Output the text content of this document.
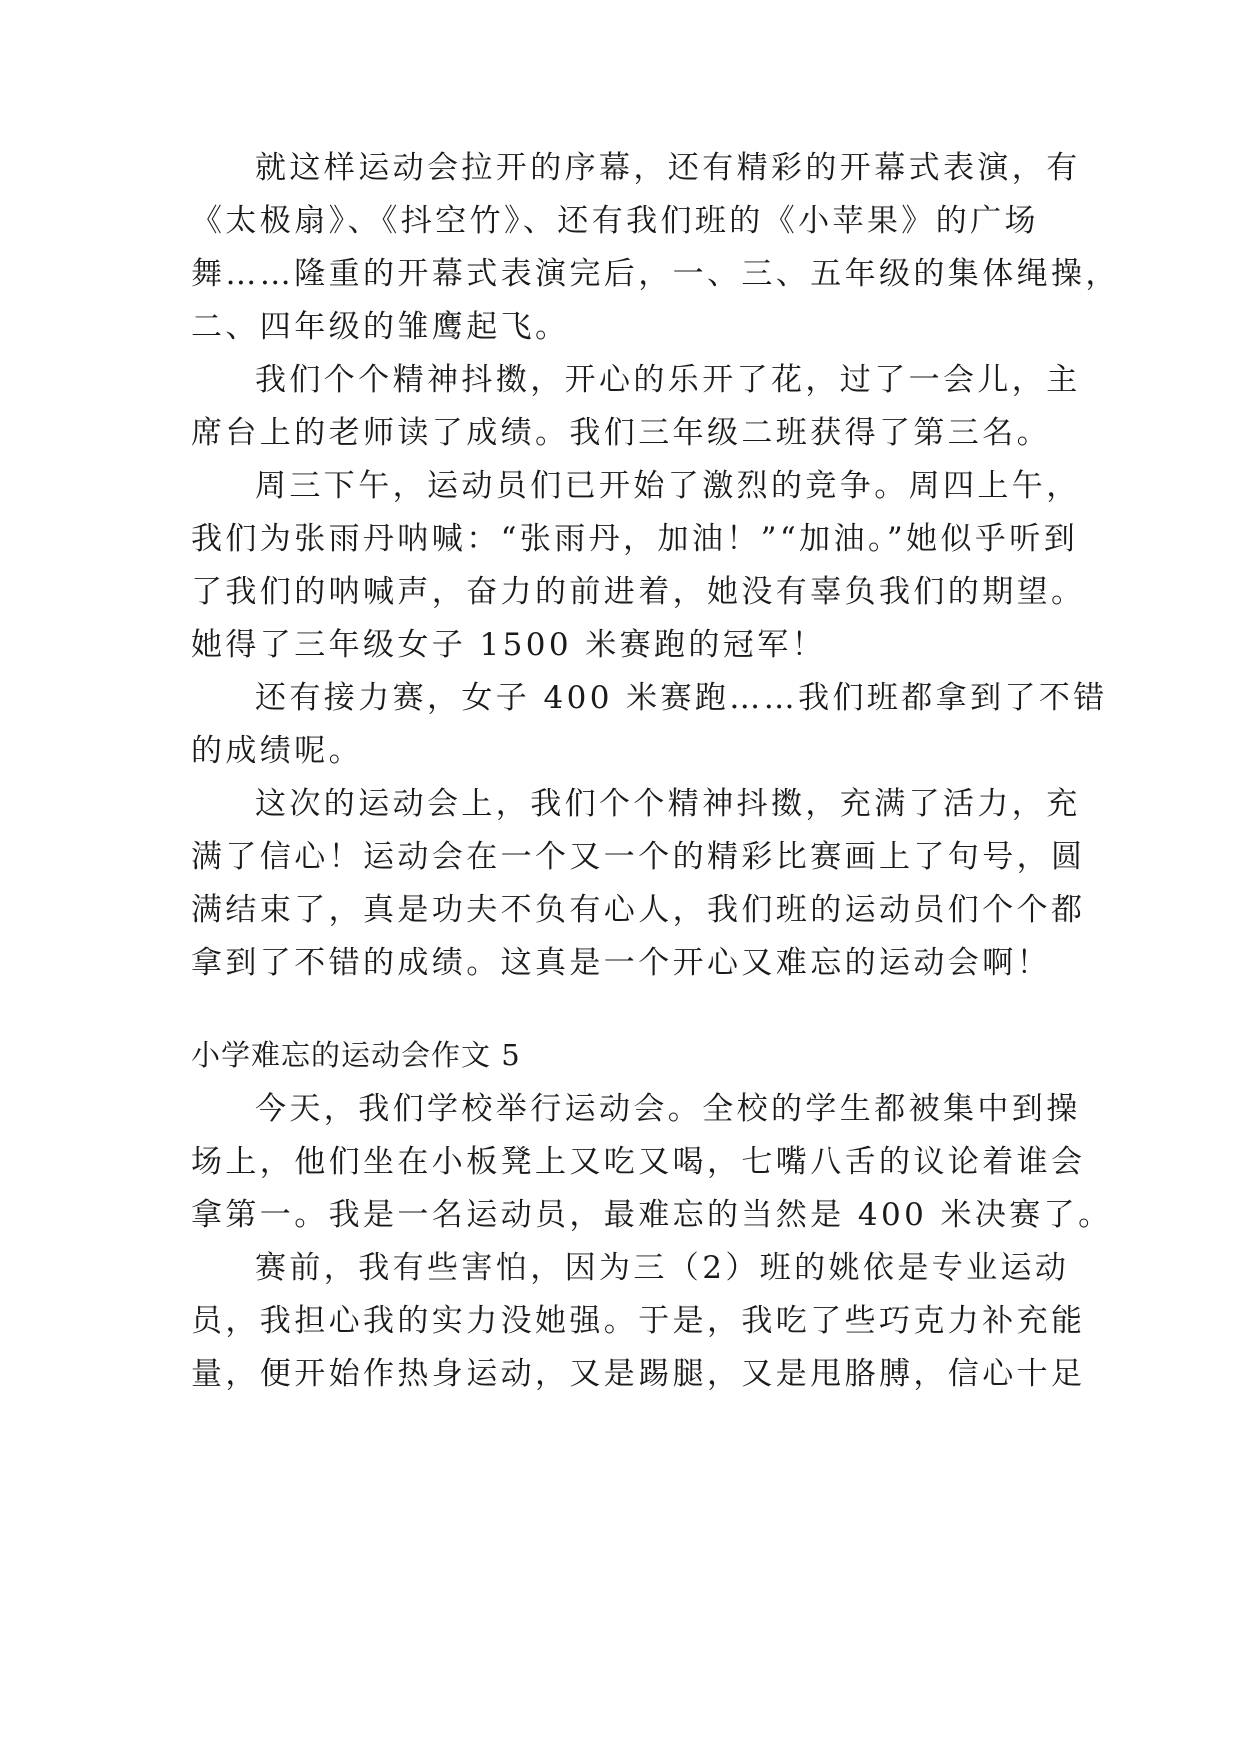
就这样运动会拉开的序幕，还有精彩的开幕式表演，有
《太极扇》、《抖空竹》、还有我们班的《小苹果》的广场
舞……隆重的开幕式表演完后，一、三、五年级的集体绳操，
二、四年级的雏鹰起飞。
我们个个精神抖擞，开心的乐开了花，过了一会儿，主
席台上的老师读了成绩。我们三年级二班获得了第三名。
周三下午，运动员们已开始了激烈的竞争。周四上午，
我们为张雨丹呐喊：“张雨丹，加油！”“加油。”她似乎听到
了我们的呐喊声，奋力的前进着，她没有辜负我们的期望。
她得了三年级女子 1500 米赛跑的冠军！
还有接力赛，女子 400 米赛跑……我们班都拿到了不错
的成绩呢。
这次的运动会上，我们个个精神抖擞，充满了活力，充
满了信心！运动会在一个又一个的精彩比赛画上了句号，圆
满结束了，真是功夫不负有心人，我们班的运动员们个个都
拿到了不错的成绩。这真是一个开心又难忘的运动会啊！
小学难忘的运动会作文 5
今天，我们学校举行运动会。全校的学生都被集中到操
场上，他们坐在小板凳上又吃又喝，七嘴八舌的议论着谁会
拿第一。我是一名运动员，最难忘的当然是 400 米决赛了。
赛前，我有些害怕，因为三（2）班的姚依是专业运动
员，我担心我的实力没她强。于是，我吃了些巧克力补充能
量，便开始作热身运动，又是踢腿，又是甩胳膊，信心十足
